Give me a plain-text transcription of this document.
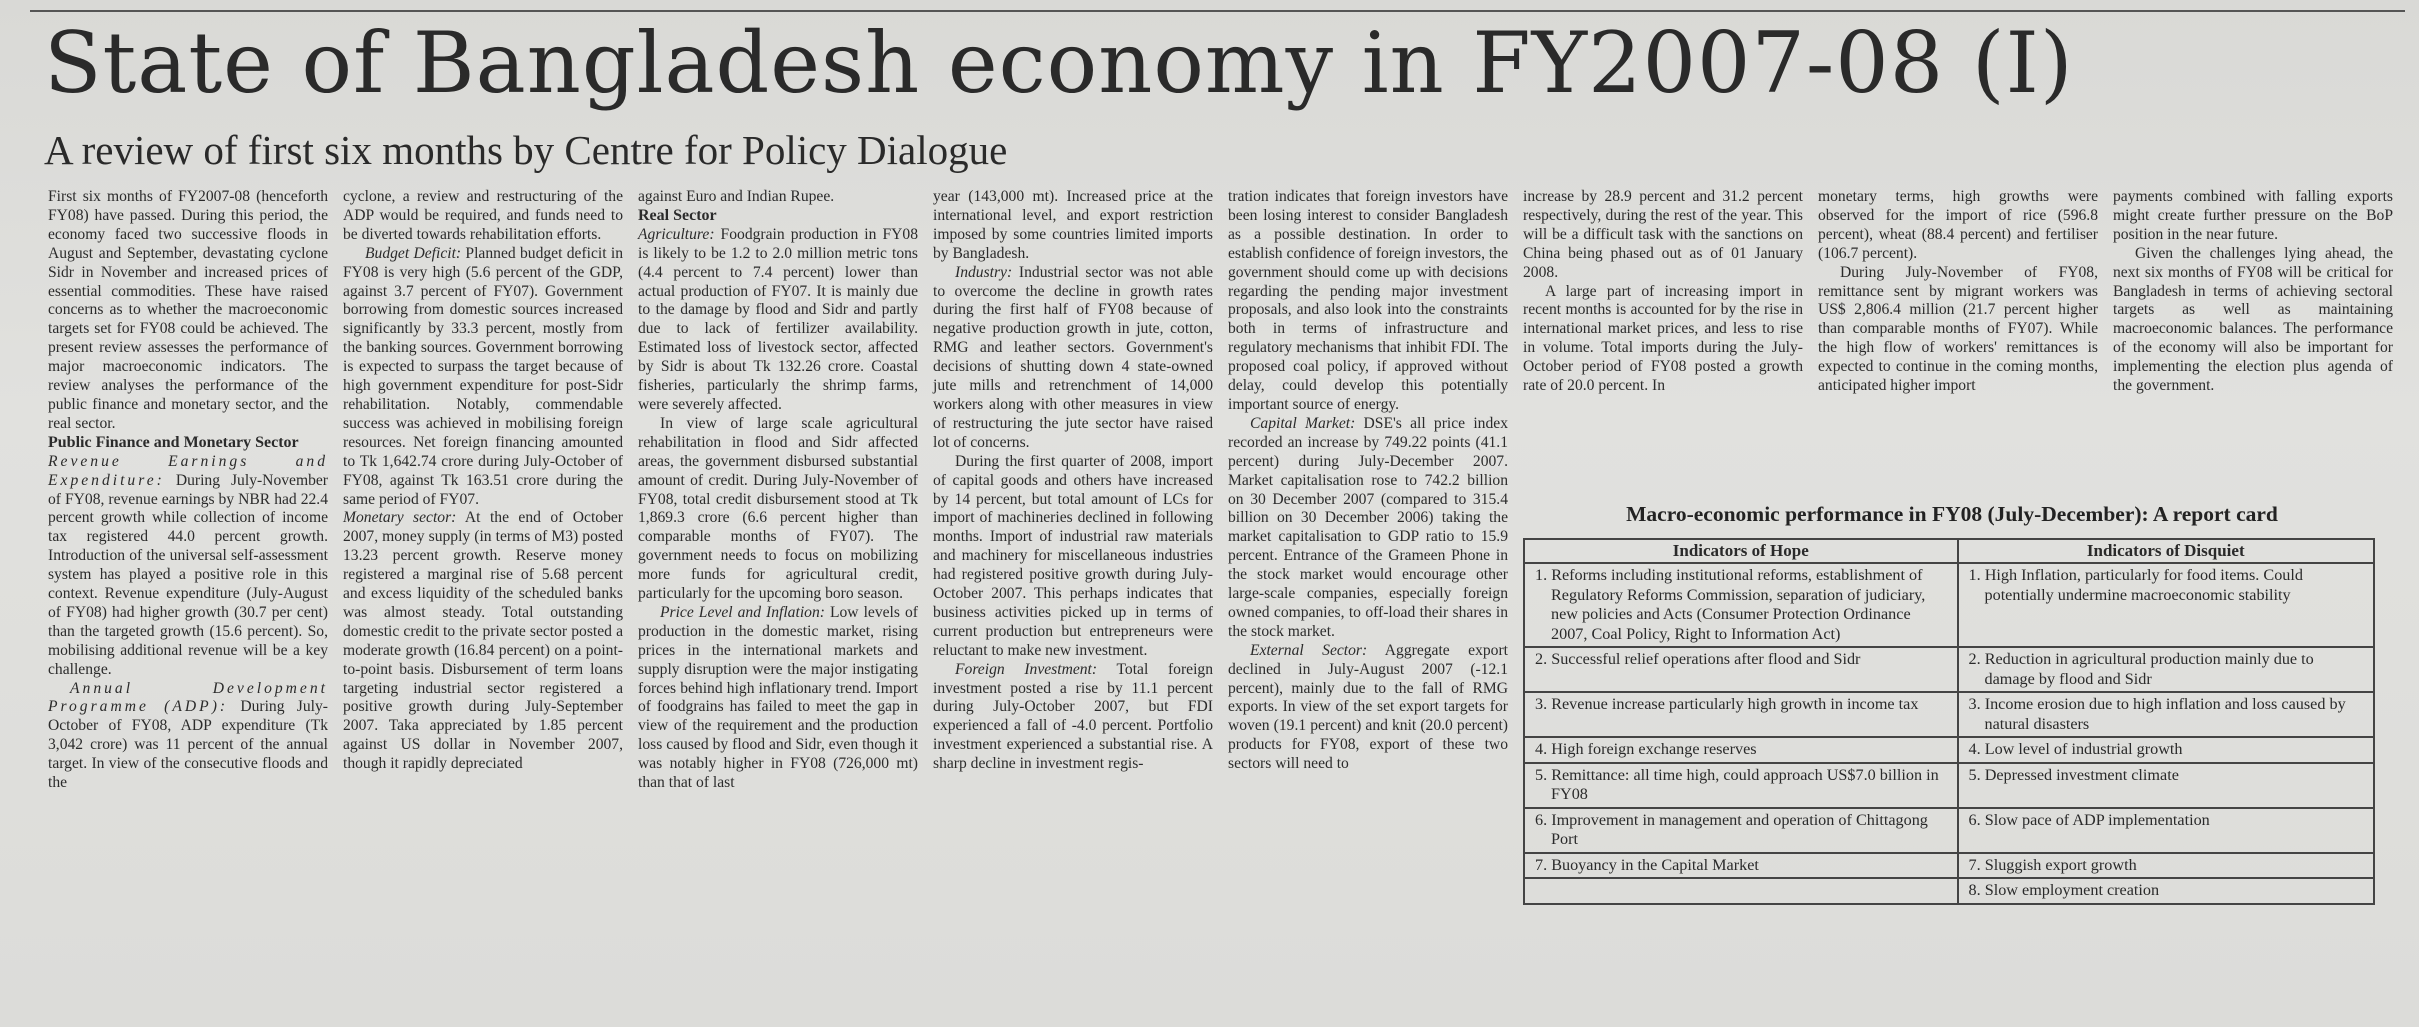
State of Bangladesh economy in FY2007-08 (I)
A review of first six months by Centre for Policy Dialogue

First six months of FY2007-08 (henceforth FY08) have passed. During this period, the economy faced two successive floods in August and September, devastating cyclone Sidr in November and increased prices of essential commodities. These have raised concerns as to whether the macroeconomic targets set for FY08 could be achieved. The present review assesses the performance of major macroeconomic indicators. The review analyses the performance of the public finance and monetary sector, and the real sector.

Public Finance and Monetary Sector

Revenue Earnings and Expenditure: During July-November of FY08, revenue earnings by NBR had 22.4 percent growth while collection of income tax registered 44.0 percent growth. Introduction of the universal self-assessment system has played a positive role in this context. Revenue expenditure (July-August of FY08) had higher growth (30.7 per cent) than the targeted growth (15.6 percent). So, mobilising additional revenue will be a key challenge.

Annual Development Programme (ADP): During July-October of FY08, ADP expenditure (Tk 3,042 crore) was 11 percent of the annual target. In view of the consecutive floods and the

cyclone, a review and restructuring of the ADP would be required, and funds need to be diverted towards rehabilitation efforts.

Budget Deficit: Planned budget deficit in FY08 is very high (5.6 percent of the GDP, against 3.7 percent of FY07). Government borrowing from domestic sources increased significantly by 33.3 percent, mostly from the banking sources. Government borrowing is expected to surpass the target because of high government expenditure for post-Sidr rehabilitation. Notably, commendable success was achieved in mobilising foreign resources. Net foreign financing amounted to Tk 1,642.74 crore during July-October of FY08, against Tk 163.51 crore during the same period of FY07.

Monetary sector: At the end of October 2007, money supply (in terms of M3) posted 13.23 percent growth. Reserve money registered a marginal rise of 5.68 percent and excess liquidity of the scheduled banks was almost steady. Total outstanding domestic credit to the private sector posted a moderate growth (16.84 percent) on a point-to-point basis. Disbursement of term loans targeting industrial sector registered a positive growth during July-September 2007. Taka appreciated by 1.85 percent against US dollar in November 2007, though it rapidly depreciated

against Euro and Indian Rupee.

Real Sector

Agriculture: Foodgrain production in FY08 is likely to be 1.2 to 2.0 million metric tons (4.4 percent to 7.4 percent) lower than actual production of FY07. It is mainly due to the damage by flood and Sidr and partly due to lack of fertilizer availability. Estimated loss of livestock sector, affected by Sidr is about Tk 132.26 crore. Coastal fisheries, particularly the shrimp farms, were severely affected.

In view of large scale agricultural rehabilitation in flood and Sidr affected areas, the government disbursed substantial amount of credit. During July-November of FY08, total credit disbursement stood at Tk 1,869.3 crore (6.6 percent higher than comparable months of FY07). The government needs to focus on mobilizing more funds for agricultural credit, particularly for the upcoming boro season.

Price Level and Inflation: Low levels of production in the domestic market, rising prices in the international markets and supply disruption were the major instigating forces behind high inflationary trend. Import of foodgrains has failed to meet the gap in view of the requirement and the production loss caused by flood and Sidr, even though it was notably higher in FY08 (726,000 mt) than that of last

year (143,000 mt). Increased price at the international level, and export restriction imposed by some countries limited imports by Bangladesh.

Industry: Industrial sector was not able to overcome the decline in growth rates during the first half of FY08 because of negative production growth in jute, cotton, RMG and leather sectors. Government's decisions of shutting down 4 state-owned jute mills and retrenchment of 14,000 workers along with other measures in view of restructuring the jute sector have raised lot of concerns.

During the first quarter of 2008, import of capital goods and others have increased by 14 percent, but total amount of LCs for import of machineries declined in following months. Import of industrial raw materials and machinery for miscellaneous industries had registered positive growth during July-October 2007. This perhaps indicates that business activities picked up in terms of current production but entrepreneurs were reluctant to make new investment.

Foreign Investment: Total foreign investment posted a rise by 11.1 percent during July-October 2007, but FDI experienced a fall of -4.0 percent. Portfolio investment experienced a substantial rise. A sharp decline in investment regis-

tration indicates that foreign investors have been losing interest to consider Bangladesh as a possible destination. In order to establish confidence of foreign investors, the government should come up with decisions regarding the pending major investment proposals, and also look into the constraints both in terms of infrastructure and regulatory mechanisms that inhibit FDI. The proposed coal policy, if approved without delay, could develop this potentially important source of energy.

Capital Market: DSE's all price index recorded an increase by 749.22 points (41.1 percent) during July-December 2007. Market capitalisation rose to 742.2 billion on 30 December 2007 (compared to 315.4 billion on 30 December 2006) taking the market capitalisation to GDP ratio to 15.9 percent. Entrance of the Grameen Phone in the stock market would encourage other large-scale companies, especially foreign owned companies, to off-load their shares in the stock market.

External Sector: Aggregate export declined in July-August 2007 (-12.1 percent), mainly due to the fall of RMG exports. In view of the set export targets for woven (19.1 percent) and knit (20.0 percent) products for FY08, export of these two sectors will need to

increase by 28.9 percent and 31.2 percent respectively, during the rest of the year. This will be a difficult task with the sanctions on China being phased out as of 01 January 2008.

A large part of increasing import in recent months is accounted for by the rise in international market prices, and less to rise in volume. Total imports during the July-October period of FY08 posted a growth rate of 20.0 percent. In

monetary terms, high growths were observed for the import of rice (596.8 percent), wheat (88.4 percent) and fertiliser (106.7 percent).

During July-November of FY08, remittance sent by migrant workers was US$ 2,806.4 million (21.7 percent higher than comparable months of FY07). While the high flow of workers' remittances is expected to continue in the coming months, anticipated higher import

payments combined with falling exports might create further pressure on the BoP position in the near future.

Given the challenges lying ahead, the next six months of FY08 will be critical for Bangladesh in terms of achieving sectoral targets as well as maintaining macroeconomic balances. The performance of the economy will also be important for implementing the election plus agenda of the government.

Macro-economic performance in FY08 (July-December): A report card
Indicators of Hope	Indicators of Disquiet
1. Reforms including institutional reforms, establishment of Regulatory Reforms Commission, separation of judiciary, new policies and Acts (Consumer Protection Ordinance 2007, Coal Policy, Right to Information Act)	1. High Inflation, particularly for food items. Could potentially undermine macroeconomic stability
2. Successful relief operations after flood and Sidr	2. Reduction in agricultural production mainly due to damage by flood and Sidr
3. Revenue increase particularly high growth in income tax	3. Income erosion due to high inflation and loss caused by natural disasters
4. High foreign exchange reserves	4. Low level of industrial growth
5. Remittance: all time high, could approach US$7.0 billion in FY08	5. Depressed investment climate
6. Improvement in management and operation of Chittagong Port	6. Slow pace of ADP implementation
7. Buoyancy in the Capital Market	7. Sluggish export growth
	8. Slow employment creation
